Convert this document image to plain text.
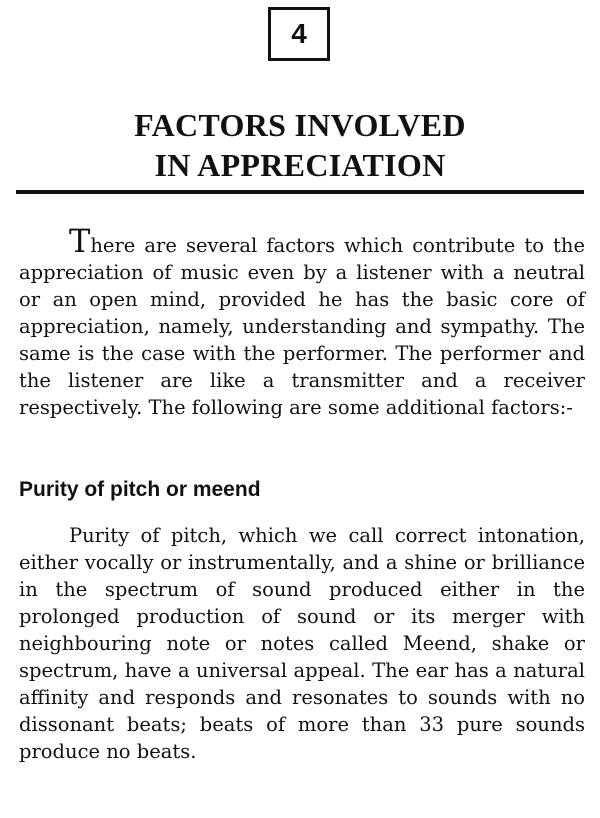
4
FACTORS INVOLVED
IN APPRECIATION

There are several factors which contribute to the appreciation of music even by a listener with a neutral or an open mind, provided he has the basic core of appreciation, namely, understanding and sympathy. The same is the case with the performer. The performer and the listener are like a transmitter and a receiver respectively. The following are some additional factors:-

Purity of pitch or meend

Purity of pitch, which we call correct intonation, either vocally or instrumentally, and a shine or brilliance in the spectrum of sound produced either in the prolonged production of sound or its merger with neighbouring note or notes called Meend, shake or spectrum, have a universal appeal. The ear has a natural affinity and responds and resonates to sounds with no dissonant beats; beats of more than 33 pure sounds produce no beats.
